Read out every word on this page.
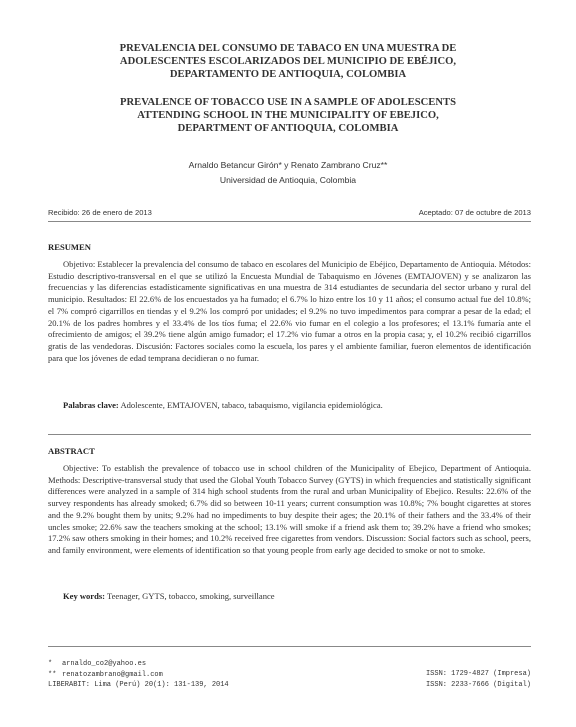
PREVALENCIA DEL CONSUMO DE TABACO EN UNA MUESTRA DE
ADOLESCENTES ESCOLARIZADOS DEL MUNICIPIO DE EBÉJICO,
DEPARTAMENTO DE ANTIOQUIA, COLOMBIA
PREVALENCE OF TOBACCO USE IN A SAMPLE OF ADOLESCENTS
ATTENDING SCHOOL IN THE MUNICIPALITY OF EBEJICO,
DEPARTMENT OF ANTIOQUIA, COLOMBIA
Arnaldo Betancur Girón* y Renato Zambrano Cruz**
Universidad de Antioquia, Colombia
Recibido: 26 de enero de 2013	Aceptado: 07 de octubre de 2013
RESUMEN
Objetivo: Establecer la prevalencia del consumo de tabaco en escolares del Municipio de Ebéjico, Departamento de Antioquia. Métodos: Estudio descriptivo-transversal en el que se utilizó la Encuesta Mundial de Tabaquismo en Jóvenes (EMTAJOVEN) y se analizaron las frecuencias y las diferencias estadísticamente significativas en una muestra de 314 estudiantes de secundaria del sector urbano y rural del municipio. Resultados: El 22.6% de los encuestados ya ha fumado; el 6.7% lo hizo entre los 10 y 11 años; el consumo actual fue del 10.8%; el 7% compró cigarrillos en tiendas y el 9.2% los compró por unidades; el 9.2% no tuvo impedimentos para comprar a pesar de la edad; el 20.1% de los padres hombres y el 33.4% de los tíos fuma; el 22.6% vio fumar en el colegio a los profesores; el 13.1% fumaría ante el ofrecimiento de amigos; el 39.2% tiene algún amigo fumador; el 17.2% vio fumar a otros en la propia casa; y, el 10.2% recibió cigarrillos gratis de las vendedoras. Discusión: Factores sociales como la escuela, los pares y el ambiente familiar, fueron elementos de identificación para que los jóvenes de edad temprana decidieran o no fumar.
Palabras clave: Adolescente, EMTAJOVEN, tabaco, tabaquismo, vigilancia epidemiológica.
ABSTRACT
Objective: To establish the prevalence of tobacco use in school children of the Municipality of Ebejico, Department of Antioquia. Methods: Descriptive-transversal study that used the Global Youth Tobacco Survey (GYTS) in which frequencies and statistically significant differences were analyzed in a sample of 314 high school students from the rural and urban Municipality of Ebejico. Results: 22.6% of the survey respondents has already smoked; 6.7% did so between 10-11 years; current consumption was 10.8%; 7% bought cigarettes at stores and the 9.2% bought them by units; 9.2% had no impediments to buy despite their ages; the 20.1% of their fathers and the 33.4% of their uncles smoke; 22.6% saw the teachers smoking at the school; 13.1% will smoke if a friend ask them to; 39.2% have a friend who smokes; 17.2% saw others smoking in their homes; and 10.2% received free cigarettes from vendors. Discussion: Social factors such as school, peers, and family environment, were elements of identification so that young people from early age decided to smoke or not to smoke.
Key words: Teenager, GYTS, tobacco, smoking, surveillance
* arnaldo_co2@yahoo.es
** renatozambrano@gmail.com
LIBERABIT: Lima (Perú) 20(1): 131-139, 2014
ISSN: 1729-4827 (Impresa)
ISSN: 2233-7666 (Digital)
